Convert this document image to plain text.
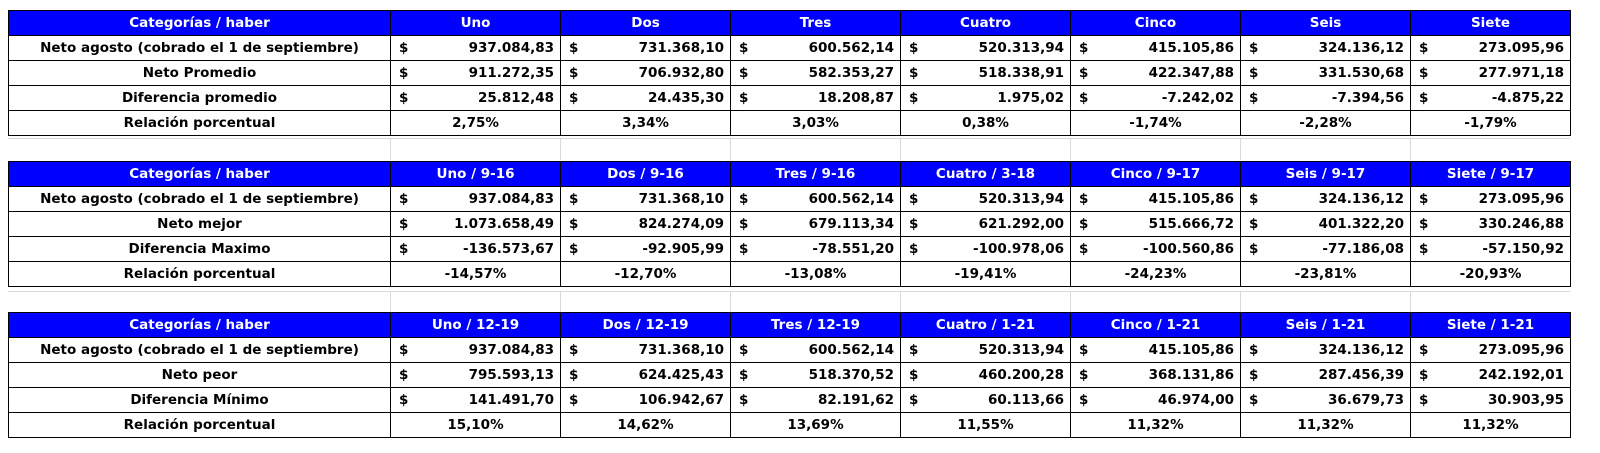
Categorías / haber	Uno	Dos	Tres	Cuatro	Cinco	Seis	Siete
Neto agosto (cobrado el 1 de septiembre)	$ 937.084,83	$ 731.368,10	$ 600.562,14	$ 520.313,94	$ 415.105,86	$ 324.136,12	$ 273.095,96

Neto Promedio	$ 911.272,35	$ 706.932,80	$ 582.353,27	$ 518.338,91	$ 422.347,88	$ 331.530,68	$ 277.971,18

Diferencia promedio	$ 25.812,48	$ 24.435,30	$ 18.208,87	$ 1.975,02	$ -7.242,02	$ -7.394,56	$ -4.875,22

Relación porcentual	2,75%	3,34%	3,03%	0,38%	-1,74%	-2,28%	-1,79%
Categorías / haber	Uno / 9-16	Dos / 9-16	Tres / 9-16	Cuatro / 3-18	Cinco / 9-17	Seis / 9-17	Siete / 9-17
Neto agosto (cobrado el 1 de septiembre)	$ 937.084,83	$ 731.368,10	$ 600.562,14	$ 520.313,94	$ 415.105,86	$ 324.136,12	$ 273.095,96

Neto mejor	$ 1.073.658,49	$ 824.274,09	$ 679.113,34	$ 621.292,00	$ 515.666,72	$ 401.322,20	$ 330.246,88

Diferencia Maximo	$ -136.573,67	$ -92.905,99	$ -78.551,20	$ -100.978,06	$ -100.560,86	$ -77.186,08	$ -57.150,92

Relación porcentual	-14,57%	-12,70%	-13,08%	-19,41%	-24,23%	-23,81%	-20,93%
Categorías / haber	Uno / 12-19	Dos / 12-19	Tres / 12-19	Cuatro / 1-21	Cinco / 1-21	Seis / 1-21	Siete / 1-21
Neto agosto (cobrado el 1 de septiembre)	$ 937.084,83	$ 731.368,10	$ 600.562,14	$ 520.313,94	$ 415.105,86	$ 324.136,12	$ 273.095,96

Neto peor	$ 795.593,13	$ 624.425,43	$ 518.370,52	$ 460.200,28	$ 368.131,86	$ 287.456,39	$ 242.192,01

Diferencia Mínimo	$ 141.491,70	$ 106.942,67	$ 82.191,62	$ 60.113,66	$ 46.974,00	$ 36.679,73	$ 30.903,95

Relación porcentual	15,10%	14,62%	13,69%	11,55%	11,32%	11,32%	11,32%
